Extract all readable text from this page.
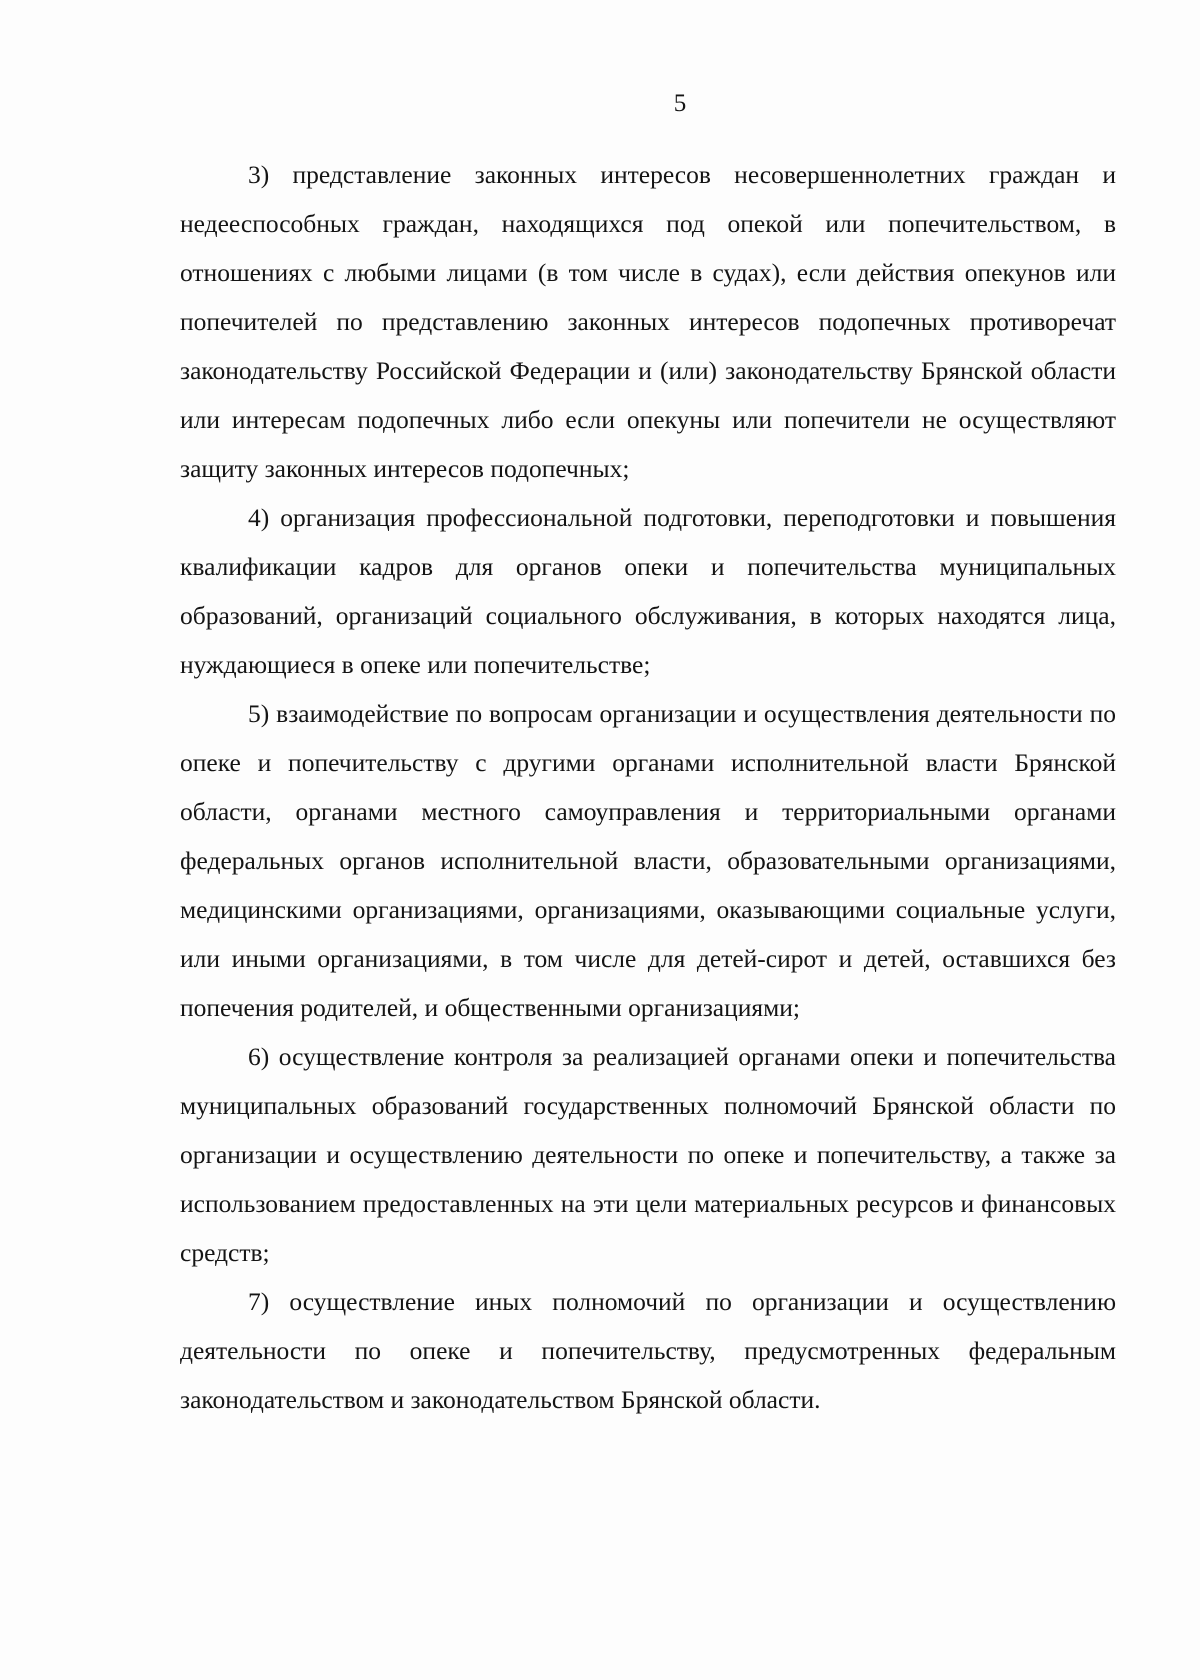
5

3) представление законных интересов несовершеннолетних граждан и недееспособных граждан, находящихся под опекой или попечительством, в отношениях с любыми лицами (в том числе в судах), если действия опекунов или попечителей по представлению законных интересов подопечных противоречат законодательству Российской Федерации и (или) законодательству Брянской области или интересам подопечных либо если опекуны или попечители не осуществляют защиту законных интересов подопечных;

4) организация профессиональной подготовки, переподготовки и повышения квалификации кадров для органов опеки и попечительства муниципальных образований, организаций социального обслуживания, в которых находятся лица, нуждающиеся в опеке или попечительстве;

5) взаимодействие по вопросам организации и осуществления деятельности по опеке и попечительству с другими органами исполнительной власти Брянской области, органами местного самоуправления и территориальными органами федеральных органов исполнительной власти, образовательными организациями, медицинскими организациями, организациями, оказывающими социальные услуги, или иными организациями, в том числе для детей-сирот и детей, оставшихся без попечения родителей, и общественными организациями;

6) осуществление контроля за реализацией органами опеки и попечительства муниципальных образований государственных полномочий Брянской области по организации и осуществлению деятельности по опеке и попечительству, а также за использованием предоставленных на эти цели материальных ресурсов и финансовых средств;

7) осуществление иных полномочий по организации и осуществлению деятельности по опеке и попечительству, предусмотренных федеральным законодательством и законодательством Брянской области.
